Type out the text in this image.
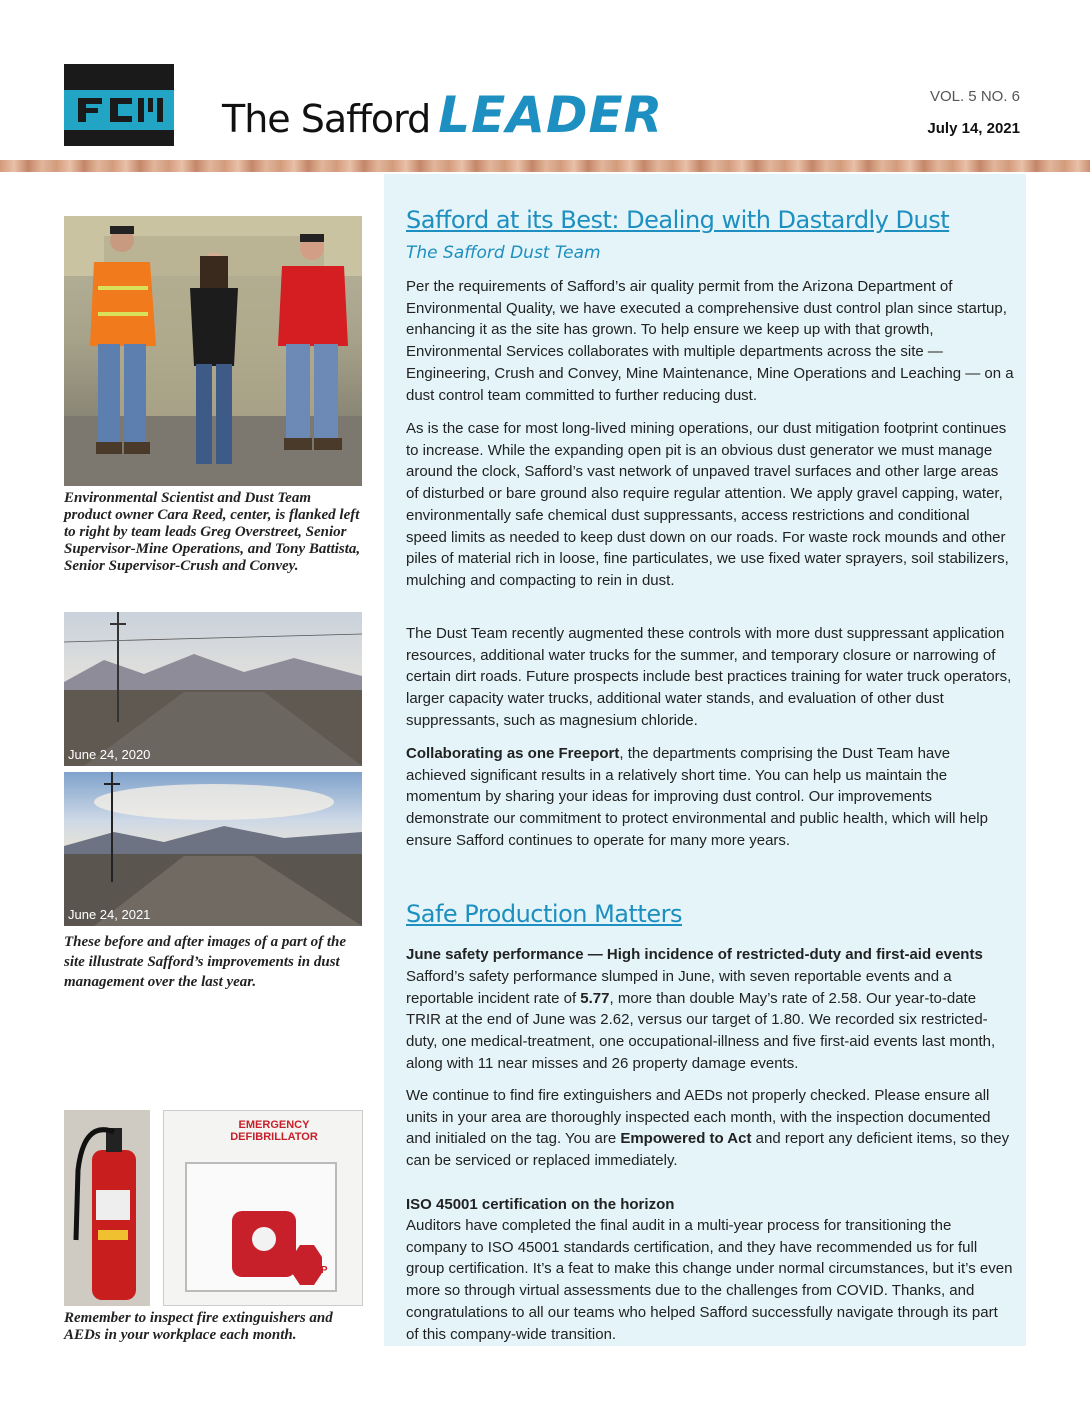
The Safford LEADER	VOL. 5 NO. 6
July 14, 2021
Environmental Scientist and Dust Team product owner Cara Reed, center, is flanked left to right by team leads Greg Overstreet, Senior Supervisor-Mine Operations, and Tony Battista, Senior Supervisor-Crush and Convey.
June 24, 2020
June 24, 2021
These before and after images of a part of the site illustrate Safford’s improvements in dust management over the last year.
EMERGENCY DEFIBRILLATOR
STOP
Remember to inspect fire extinguishers and AEDs in your workplace each month.
Safford at its Best: Dealing with Dastardly Dust
The Safford Dust Team

Per the requirements of Safford’s air quality permit from the Arizona Department of Environmental Quality, we have executed a comprehensive dust control plan since startup, enhancing it as the site has grown. To help ensure we keep up with that growth, Environmental Services collaborates with multiple departments across the site — Engineering, Crush and Convey, Mine Maintenance, Mine Operations and Leaching — on a dust control team committed to further reducing dust.

As is the case for most long-lived mining operations, our dust mitigation footprint continues to increase. While the expanding open pit is an obvious dust generator we must manage around the clock, Safford’s vast network of unpaved travel surfaces and other large areas of disturbed or bare ground also require regular attention. We apply gravel capping, water, environmentally safe chemical dust suppressants, access restrictions and conditional speed limits as needed to keep dust down on our roads. For waste rock mounds and other piles of material rich in loose, fine particulates, we use fixed water sprayers, soil stabilizers, mulching and compacting to rein in dust.

The Dust Team recently augmented these controls with more dust suppressant application resources, additional water trucks for the summer, and temporary closure or narrowing of certain dirt roads. Future prospects include best practices training for water truck operators, larger capacity water trucks, additional water stands, and evaluation of other dust suppressants, such as magnesium chloride.

Collaborating as one Freeport, the departments comprising the Dust Team have achieved significant results in a relatively short time. You can help us maintain the momentum by sharing your ideas for improving dust control. Our improvements demonstrate our commitment to protect environmental and public health, which will help ensure Safford continues to operate for many more years.

Safe Production Matters

June safety performance — High incidence of restricted-duty and first-aid events

Safford’s safety performance slumped in June, with seven reportable events and a reportable incident rate of 5.77, more than double May’s rate of 2.58. Our year-to-date TRIR at the end of June was 2.62, versus our target of 1.80. We recorded six restricted-duty, one medical-treatment, one occupational-illness and five first-aid events last month, along with 11 near misses and 26 property damage events.

We continue to find fire extinguishers and AEDs not properly checked. Please ensure all units in your area are thoroughly inspected each month, with the inspection documented and initialed on the tag. You are Empowered to Act and report any deficient items, so they can be serviced or replaced immediately.

ISO 45001 certification on the horizon

Auditors have completed the final audit in a multi-year process for transitioning the company to ISO 45001 standards certification, and they have recommended us for full group certification. It’s a feat to make this change under normal circumstances, but it’s even more so through virtual assessments due to the challenges from COVID. Thanks, and congratulations to all our teams who helped Safford successfully navigate through its part of this company-wide transition.
